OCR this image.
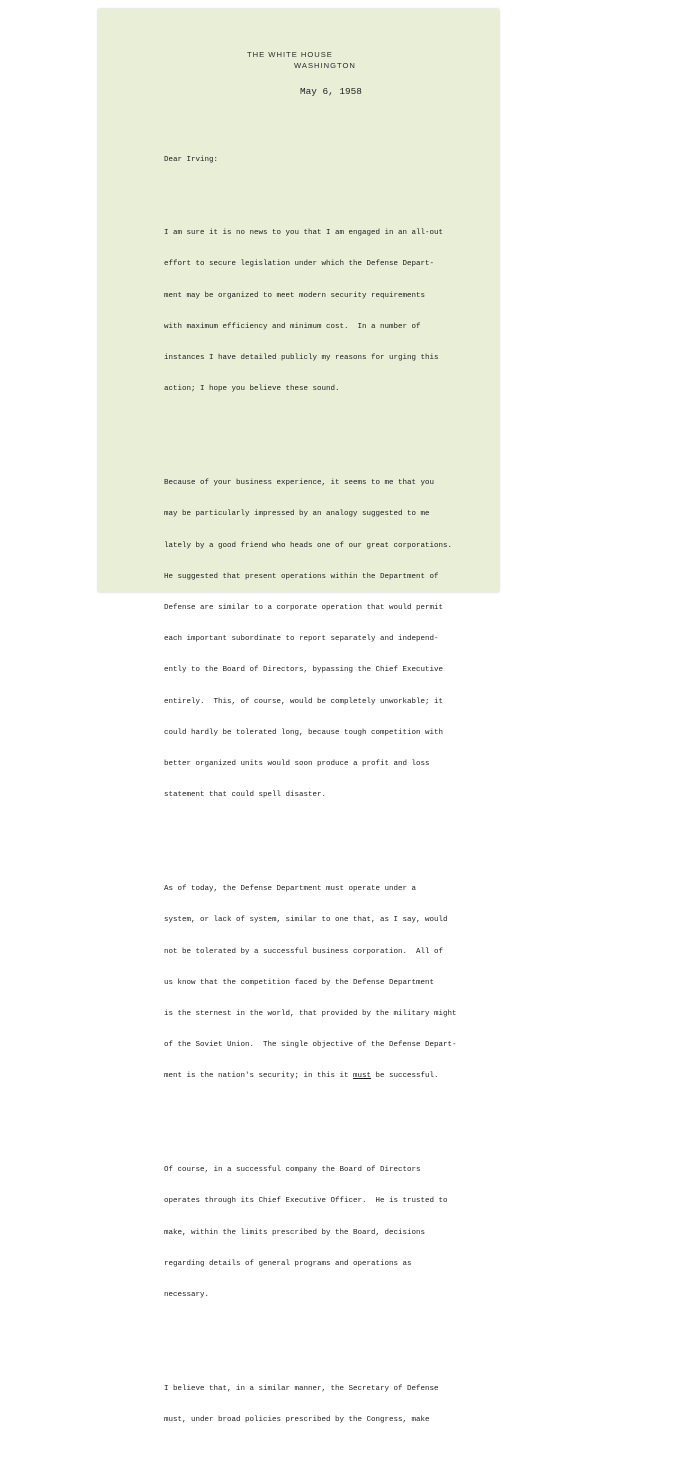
THE WHITE HOUSE
WASHINGTON
May 6, 1958

Dear Irving:

I am sure it is no news to you that I am engaged in an all-out

effort to secure legislation under which the Defense Depart-

ment may be organized to meet modern security requirements

with maximum efficiency and minimum cost.  In a number of

instances I have detailed publicly my reasons for urging this

action; I hope you believe these sound.

Because of your business experience, it seems to me that you

may be particularly impressed by an analogy suggested to me

lately by a good friend who heads one of our great corporations.

He suggested that present operations within the Department of

Defense are similar to a corporate operation that would permit

each important subordinate to report separately and independ-

ently to the Board of Directors, bypassing the Chief Executive

entirely.  This, of course, would be completely unworkable; it

could hardly be tolerated long, because tough competition with

better organized units would soon produce a profit and loss

statement that could spell disaster.

As of today, the Defense Department must operate under a

system, or lack of system, similar to one that, as I say, would

not be tolerated by a successful business corporation.  All of

us know that the competition faced by the Defense Department

is the sternest in the world, that provided by the military might

of the Soviet Union.  The single objective of the Defense Depart-

ment is the nation's security; in this it must be successful.

Of course, in a successful company the Board of Directors

operates through its Chief Executive Officer.  He is trusted to

make, within the limits prescribed by the Board, decisions

regarding details of general programs and operations as

necessary.

I believe that, in a similar manner, the Secretary of Defense

must, under broad policies prescribed by the Congress, make
